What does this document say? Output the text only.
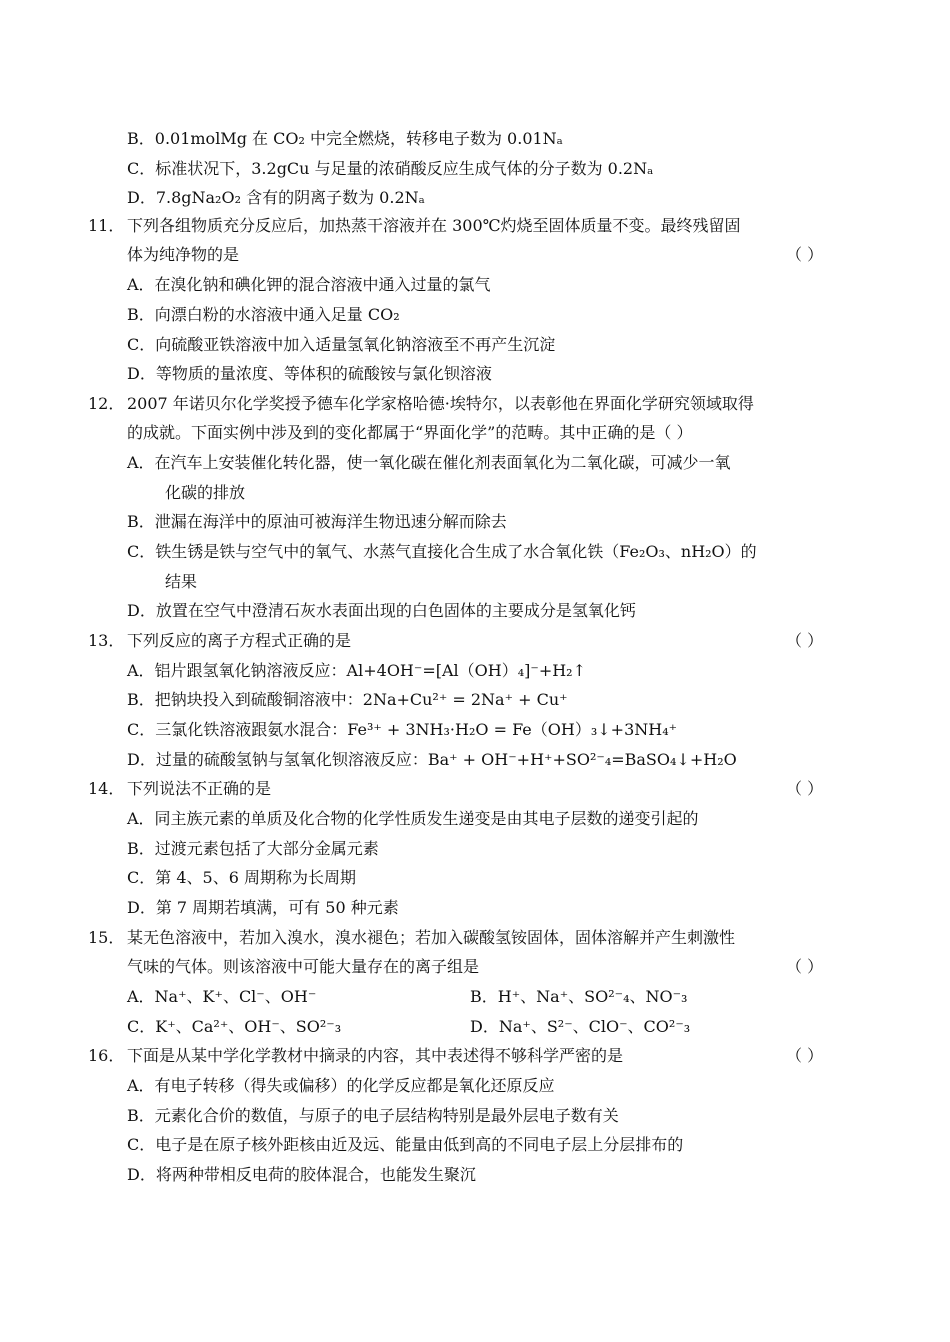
B．0.01molMg 在 CO₂ 中完全燃烧，转移电子数为 0.01Nₐ
C．标准状况下，3.2gCu 与足量的浓硝酸反应生成气体的分子数为 0.2Nₐ
D．7.8gNa₂O₂ 含有的阴离子数为 0.2Nₐ
11． 下列各组物质充分反应后，加热蒸干溶液并在 300℃灼烧至固体质量不变。最终残留固
体为纯净物的是	（ ）
A．在溴化钠和碘化钾的混合溶液中通入过量的氯气
B．向漂白粉的水溶液中通入足量 CO₂
C．向硫酸亚铁溶液中加入适量氢氧化钠溶液至不再产生沉淀
D．等物质的量浓度、等体积的硫酸铵与氯化钡溶液
12． 2007 年诺贝尔化学奖授予德车化学家格哈德·埃特尔，以表彰他在界面化学研究领域取得
的成就。下面实例中涉及到的变化都属于“界面化学”的范畴。其中正确的是（ ）
A．在汽车上安装催化转化器，使一氧化碳在催化剂表面氧化为二氧化碳，可减少一氧
化碳的排放
B．泄漏在海洋中的原油可被海洋生物迅速分解而除去
C．铁生锈是铁与空气中的氧气、水蒸气直接化合生成了水合氧化铁（Fe₂O₃、nH₂O）的
结果
D．放置在空气中澄清石灰水表面出现的白色固体的主要成分是氢氧化钙
13． 下列反应的离子方程式正确的是	（ ）
A．铝片跟氢氧化钠溶液反应：Al+4OH⁻=[Al（OH）₄]⁻+H₂↑
B．把钠块投入到硫酸铜溶液中：2Na+Cu²⁺ = 2Na⁺ + Cu⁺
C．三氯化铁溶液跟氨水混合：Fe³⁺ + 3NH₃·H₂O = Fe（OH）₃↓+3NH₄⁺
D．过量的硫酸氢钠与氢氧化钡溶液反应：Ba⁺ + OH⁻+H⁺+SO²⁻₄=BaSO₄↓+H₂O
14． 下列说法不正确的是	（ ）
A．同主族元素的单质及化合物的化学性质发生递变是由其电子层数的递变引起的
B．过渡元素包括了大部分金属元素
C．第 4、5、6 周期称为长周期
D．第 7 周期若填满，可有 50 种元素
15． 某无色溶液中，若加入溴水，溴水褪色；若加入碳酸氢铵固体，固体溶解并产生刺激性
气味的气体。则该溶液中可能大量存在的离子组是	（ ）
A．Na⁺、K⁺、Cl⁻、OH⁻	B．H⁺、Na⁺、SO²⁻₄、NO⁻₃
C．K⁺、Ca²⁺、OH⁻、SO²⁻₃	D．Na⁺、S²⁻、ClO⁻、CO²⁻₃
16． 下面是从某中学化学教材中摘录的内容，其中表述得不够科学严密的是	（ ）
A．有电子转移（得失或偏移）的化学反应都是氧化还原反应
B．元素化合价的数值，与原子的电子层结构特别是最外层电子数有关
C．电子是在原子核外距核由近及远、能量由低到高的不同电子层上分层排布的
D．将两种带相反电荷的胶体混合，也能发生聚沉
